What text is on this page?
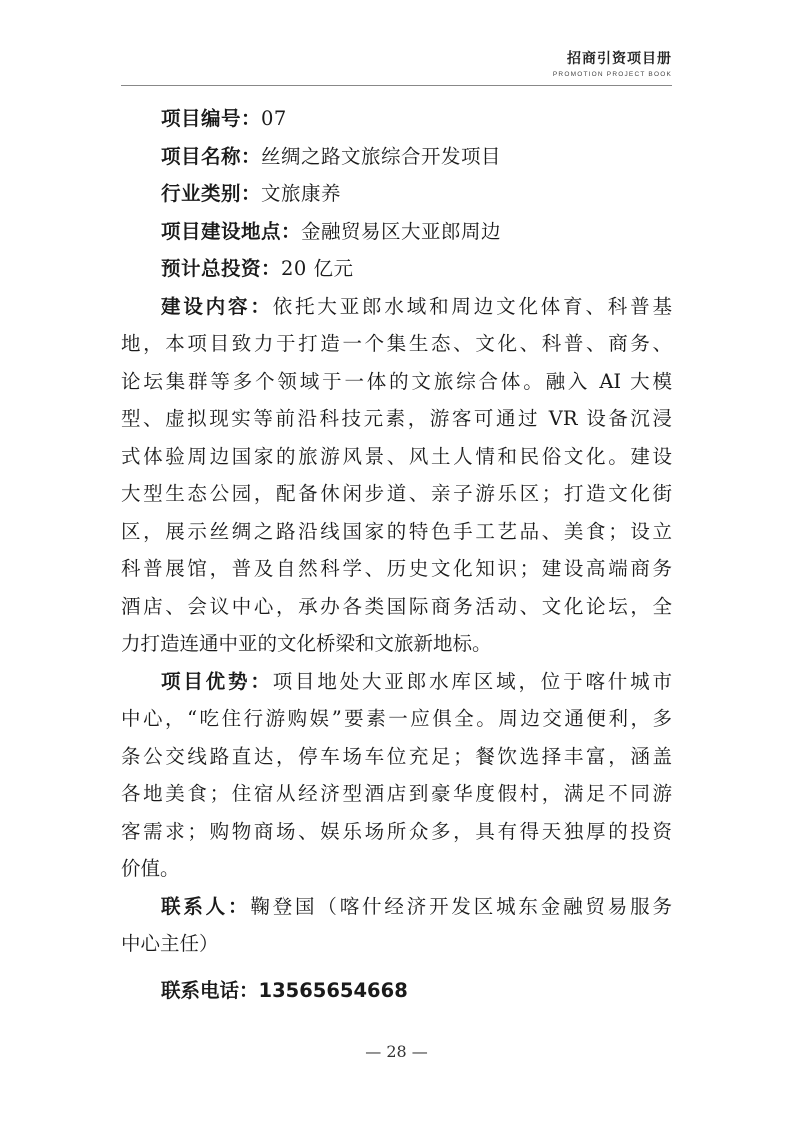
招商引资项目册
PROMOTION PROJECT BOOK
项目编号：07
项目名称：丝绸之路文旅综合开发项目
行业类别：文旅康养
项目建设地点：金融贸易区大亚郎周边
预计总投资：20 亿元
建设内容：依托大亚郎水域和周边文化体育、科普基
地，本项目致力于打造一个集生态、文化、科普、商务、
论坛集群等多个领域于一体的文旅综合体。融入 AI 大模
型、虚拟现实等前沿科技元素，游客可通过 VR 设备沉浸
式体验周边国家的旅游风景、风土人情和民俗文化。建设
大型生态公园，配备休闲步道、亲子游乐区；打造文化街
区，展示丝绸之路沿线国家的特色手工艺品、美食；设立
科普展馆，普及自然科学、历史文化知识；建设高端商务
酒店、会议中心，承办各类国际商务活动、文化论坛，全
力打造连通中亚的文化桥梁和文旅新地标。
项目优势：项目地处大亚郎水库区域，位于喀什城市
中心，“吃住行游购娱”要素一应俱全。周边交通便利，多
条公交线路直达，停车场车位充足；餐饮选择丰富，涵盖
各地美食；住宿从经济型酒店到豪华度假村，满足不同游
客需求；购物商场、娱乐场所众多，具有得天独厚的投资
价值。
联系人：鞠登国（喀什经济开发区城东金融贸易服务
中心主任）
联系电话：13565654668
— 28 —
